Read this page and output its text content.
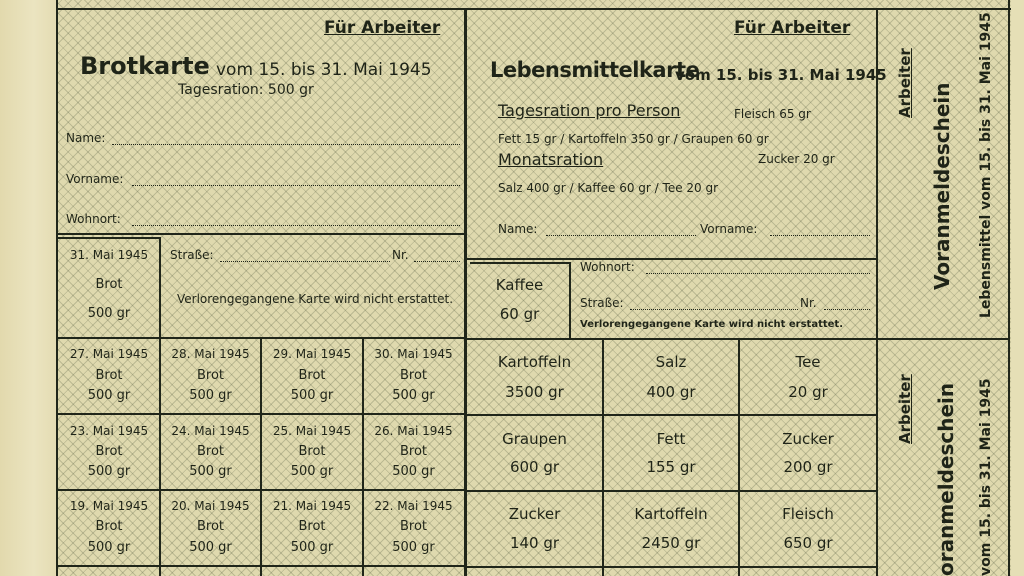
Für Arbeiter
Brotkarte vom 15. bis 31. Mai 1945
Tagesration: 500 gr
Name:
Vorname:
Wohnort:
31. Mai 1945
Brot
500 gr
Straße:	Nr.
Verlorengegangene Karte wird nicht erstattet.
27. Mai 1945
Brot
500 gr
28. Mai 1945
Brot
500 gr
29. Mai 1945
Brot
500 gr
30. Mai 1945
Brot
500 gr
23. Mai 1945
Brot
500 gr
24. Mai 1945
Brot
500 gr
25. Mai 1945
Brot
500 gr
26. Mai 1945
Brot
500 gr
19. Mai 1945
Brot
500 gr
20. Mai 1945
Brot
500 gr
21. Mai 1945
Brot
500 gr
22. Mai 1945
Brot
500 gr
Für Arbeiter
Lebensmittelkarte
vom 15. bis 31. Mai 1945
Tagesration pro Person	Fleisch 65 gr
Fett 15 gr / Kartoffeln 350 gr / Graupen 60 gr
Monatsration	Zucker 20 gr
Salz 400 gr / Kaffee 60 gr / Tee 20 gr
Name:	Vorname:
Kaffee
60 gr
Wohnort:
Straße:	Nr.
Verlorengegangene Karte wird nicht erstattet.
Kartoffeln
3500 gr
Salz
400 gr
Tee
20 gr
Graupen
600 gr
Fett
155 gr
Zucker
200 gr
Zucker
140 gr
Kartoffeln
2450 gr
Fleisch
650 gr
Arbeiter Voranmeldeschein Lebensmittel vom 15. bis 31. Mai 1945
Arbeiter oranmeldeschein vom 15. bis 31. Mai 1945
